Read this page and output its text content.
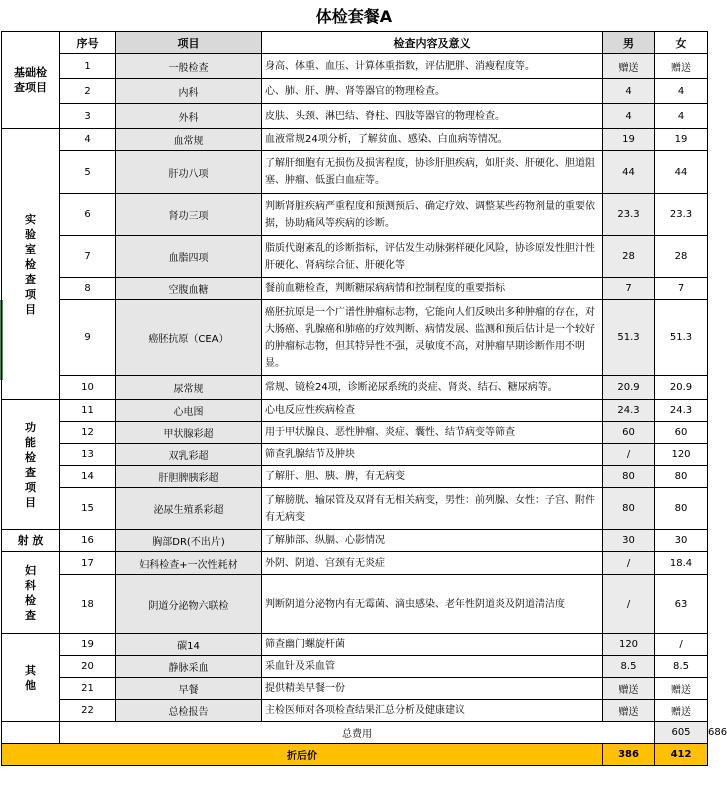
体检套餐A
基础检查项目	序号	项目	检查内容及意义	男	女	
	1	一般检查	身高、体重、血压、计算体重指数，评估肥胖、消瘦程度等。	赠送	赠送	
	2	内科	心、肺、肝、脾、肾等器官的物理检查。	4	4	
	3	外科	皮肤、头颈、淋巴结、脊柱、四肢等器官的物理检查。	4	4	
实验室检查项目	4	血常规	血液常规24项分析，了解贫血、感染、白血病等情况。	19	19	
	5	肝功八项	了解肝细胞有无损伤及损害程度，协诊肝胆疾病，如肝炎、肝硬化、胆道阻塞、肿瘤、低蛋白血症等。	44	44	
	6	肾功三项	判断肾脏疾病严重程度和预测预后、确定疗效、调整某些药物剂量的重要依据，协助痛风等疾病的诊断。	23.3	23.3	
	7	血脂四项	脂质代谢紊乱的诊断指标，评估发生动脉粥样硬化风险，协诊原发性胆汁性肝硬化、肾病综合征、肝硬化等	28	28	
	8	空腹血糖	餐前血糖检查，判断糖尿病病情和控制程度的重要指标	7	7	
	9	癌胚抗原（CEA）	癌胚抗原是一个广谱性肿瘤标志物，它能向人们反映出多种肿瘤的存在，对大肠癌、乳腺癌和肺癌的疗效判断、病情发展、监测和预后估计是一个较好的肿瘤标志物，但其特异性不强，灵敏度不高，对肿瘤早期诊断作用不明显。	51.3	51.3	
	10	尿常规	常规、镜检24项，诊断泌尿系统的炎症、肾炎、结石、糖尿病等。	20.9	20.9	
功能检查项目	11	心电图	心电反应性疾病检查	24.3	24.3	
	12	甲状腺彩超	用于甲状腺良、恶性肿瘤、炎症、囊性、结节病变等筛查	60	60	
	13	双乳彩超	筛查乳腺结节及肿块	/	120	
	14	肝胆脾胰彩超	了解肝、胆、胰、脾，有无病变	80	80	
	15	泌尿生殖系彩超	了解膀胱、输尿管及双肾有无相关病变，男性：前列腺、女性：子宫、附件有无病变	80	80	
射 放	16	胸部DR(不出片)	了解肺部、纵膈、心影情况	30	30	
妇科检查	17	妇科检查+一次性耗材	外阴、阴道、宫颈有无炎症	/	18.4	
	18	阴道分泌物六联检	判断阴道分泌物内有无霉菌、滴虫感染、老年性阴道炎及阴道清洁度	/	63	
其他	19	碳14	筛查幽门螺旋杆菌	120	/	
	20	静脉采血	采血针及采血管	8.5	8.5	
	21	早餐	提供精美早餐一份	赠送	赠送	
	22	总检报告	主检医师对各项检查结果汇总分析及健康建议	赠送	赠送	
	总费用				605	686
折后价				386	412	
